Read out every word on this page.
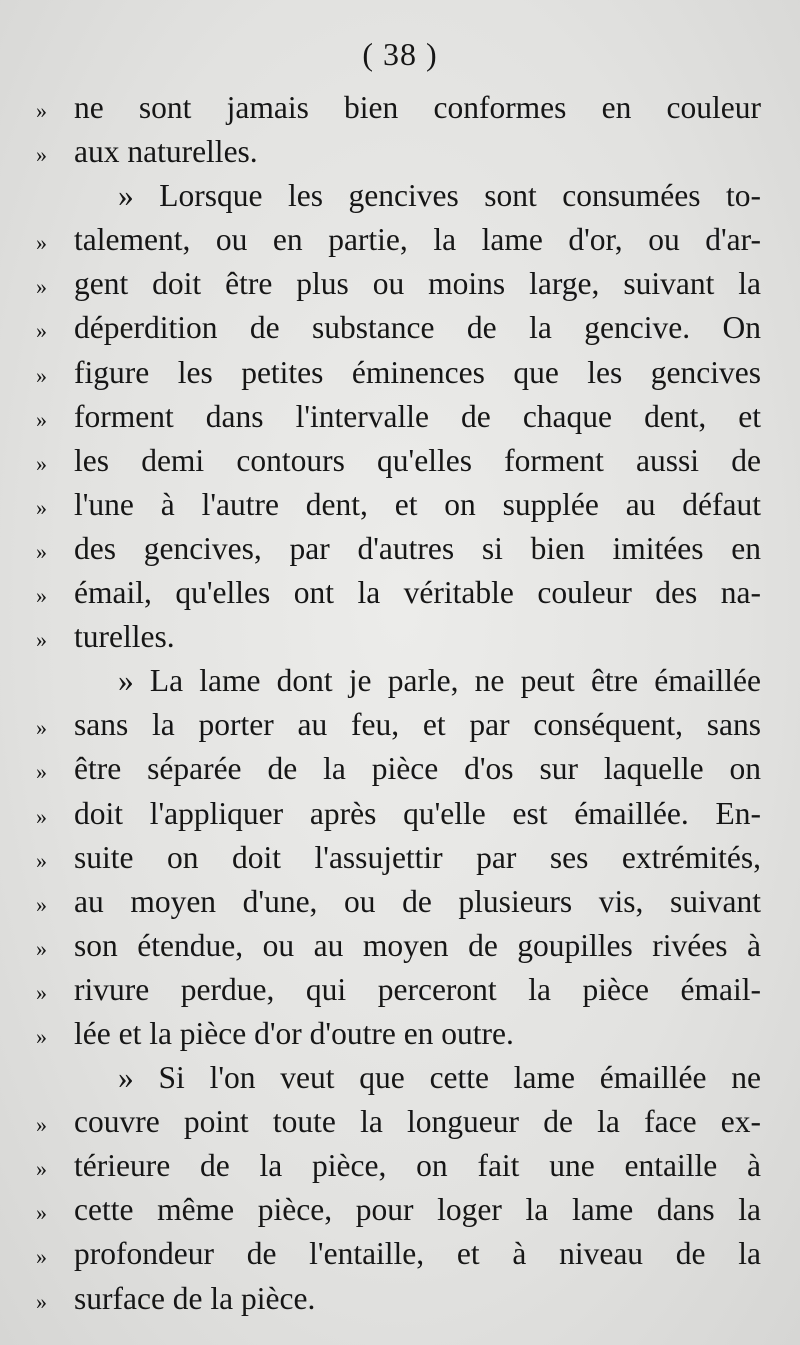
( 38 )
» ne sont jamais bien conformes en couleur
» aux naturelles.
» Lorsque les gencives sont consumées to-
» talement, ou en partie, la lame d'or, ou d'ar-
» gent doit être plus ou moins large, suivant la
» déperdition de substance de la gencive. On
» figure les petites éminences que les gencives
» forment dans l'intervalle de chaque dent, et
» les demi contours qu'elles forment aussi de
» l'une à l'autre dent, et on supplée au défaut
» des gencives, par d'autres si bien imitées en
» émail, qu'elles ont la véritable couleur des na-
» turelles.
» La lame dont je parle, ne peut être émaillée
» sans la porter au feu, et par conséquent, sans
» être séparée de la pièce d'os sur laquelle on
» doit l'appliquer après qu'elle est émaillée. En-
» suite on doit l'assujettir par ses extrémités,
» au moyen d'une, ou de plusieurs vis, suivant
» son étendue, ou au moyen de goupilles rivées à
» rivure perdue, qui perceront la pièce émail-
» lée et la pièce d'or d'outre en outre.
» Si l'on veut que cette lame émaillée ne
» couvre point toute la longueur de la face ex-
» térieure de la pièce, on fait une entaille à
» cette même pièce, pour loger la lame dans la
» profondeur de l'entaille, et à niveau de la
» surface de la pièce.
